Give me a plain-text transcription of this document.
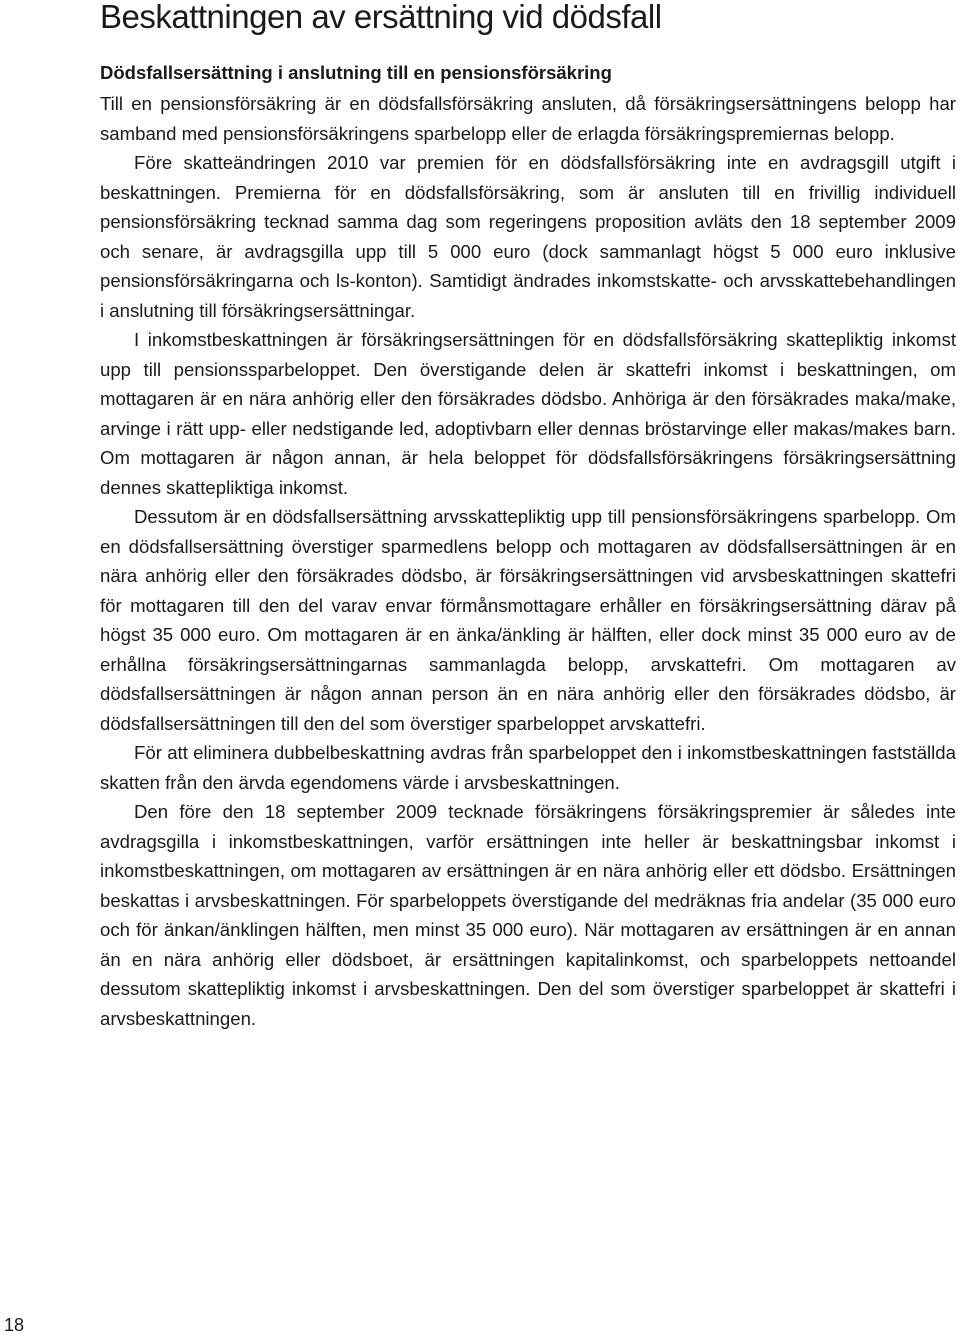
Beskattningen av ersättning vid dödsfall
Dödsfallsersättning i anslutning till en pensionsförsäkring

Till en pensionsförsäkring är en dödsfallsförsäkring ansluten, då försäkringsersättningens belopp har samband med pensionsförsäkringens sparbelopp eller de erlagda försäkringspremiernas belopp.

Före skatteändringen 2010 var premien för en dödsfallsförsäkring inte en avdragsgill utgift i beskattningen. Premierna för en dödsfallsförsäkring, som är ansluten till en frivillig individuell pensionsförsäkring tecknad samma dag som regeringens proposition avläts den 18 september 2009 och senare, är avdragsgilla upp till 5 000 euro (dock sammanlagt högst 5 000 euro inklusive pensionsförsäkringarna och ls-konton). Samtidigt ändrades inkomstskatte- och arvsskattebehandlingen i anslutning till försäkringsersättningar.

I inkomstbeskattningen är försäkringsersättningen för en dödsfallsförsäkring skattepliktig inkomst upp till pensionssparbeloppet. Den överstigande delen är skattefri inkomst i beskattningen, om mottagaren är en nära anhörig eller den försäkrades dödsbo. Anhöriga är den försäkrades maka/make, arvinge i rätt upp- eller nedstigande led, adoptivbarn eller dennas bröstarvinge eller makas/makes barn. Om mottagaren är någon annan, är hela beloppet för dödsfallsförsäkringens försäkringsersättning dennes skattepliktiga inkomst.

Dessutom är en dödsfallsersättning arvsskattepliktig upp till pensionsförsäkringens sparbelopp. Om en dödsfallsersättning överstiger sparmedlens belopp och mottagaren av dödsfallsersättningen är en nära anhörig eller den försäkrades dödsbo, är försäkringsersättningen vid arvsbeskattningen skattefri för mottagaren till den del varav envar förmånsmottagare erhåller en försäkringsersättning därav på högst 35 000 euro. Om mottagaren är en änka/änkling är hälften, eller dock minst 35 000 euro av de erhållna försäkringsersättningarnas sammanlagda belopp, arvskattefri. Om mottagaren av dödsfallsersättningen är någon annan person än en nära anhörig eller den försäkrades dödsbo, är dödsfallsersättningen till den del som överstiger sparbeloppet arvskattefri.

För att eliminera dubbelbeskattning avdras från sparbeloppet den i inkomstbeskattningen fastställda skatten från den ärvda egendomens värde i arvsbeskattningen.

Den före den 18 september 2009 tecknade försäkringens försäkringspremier är således inte avdragsgilla i inkomstbeskattningen, varför ersättningen inte heller är beskattningsbar inkomst i inkomstbeskattningen, om mottagaren av ersättningen är en nära anhörig eller ett dödsbo. Ersättningen beskattas i arvsbeskattningen. För sparbeloppets överstigande del medräknas fria andelar (35 000 euro och för änkan/änklingen hälften, men minst 35 000 euro). När mottagaren av ersättningen är en annan än en nära anhörig eller dödsboet, är ersättningen kapitalinkomst, och sparbeloppets nettoandel dessutom skattepliktig inkomst i arvsbeskattningen. Den del som överstiger sparbeloppet är skattefri i arvsbeskattningen.

18
